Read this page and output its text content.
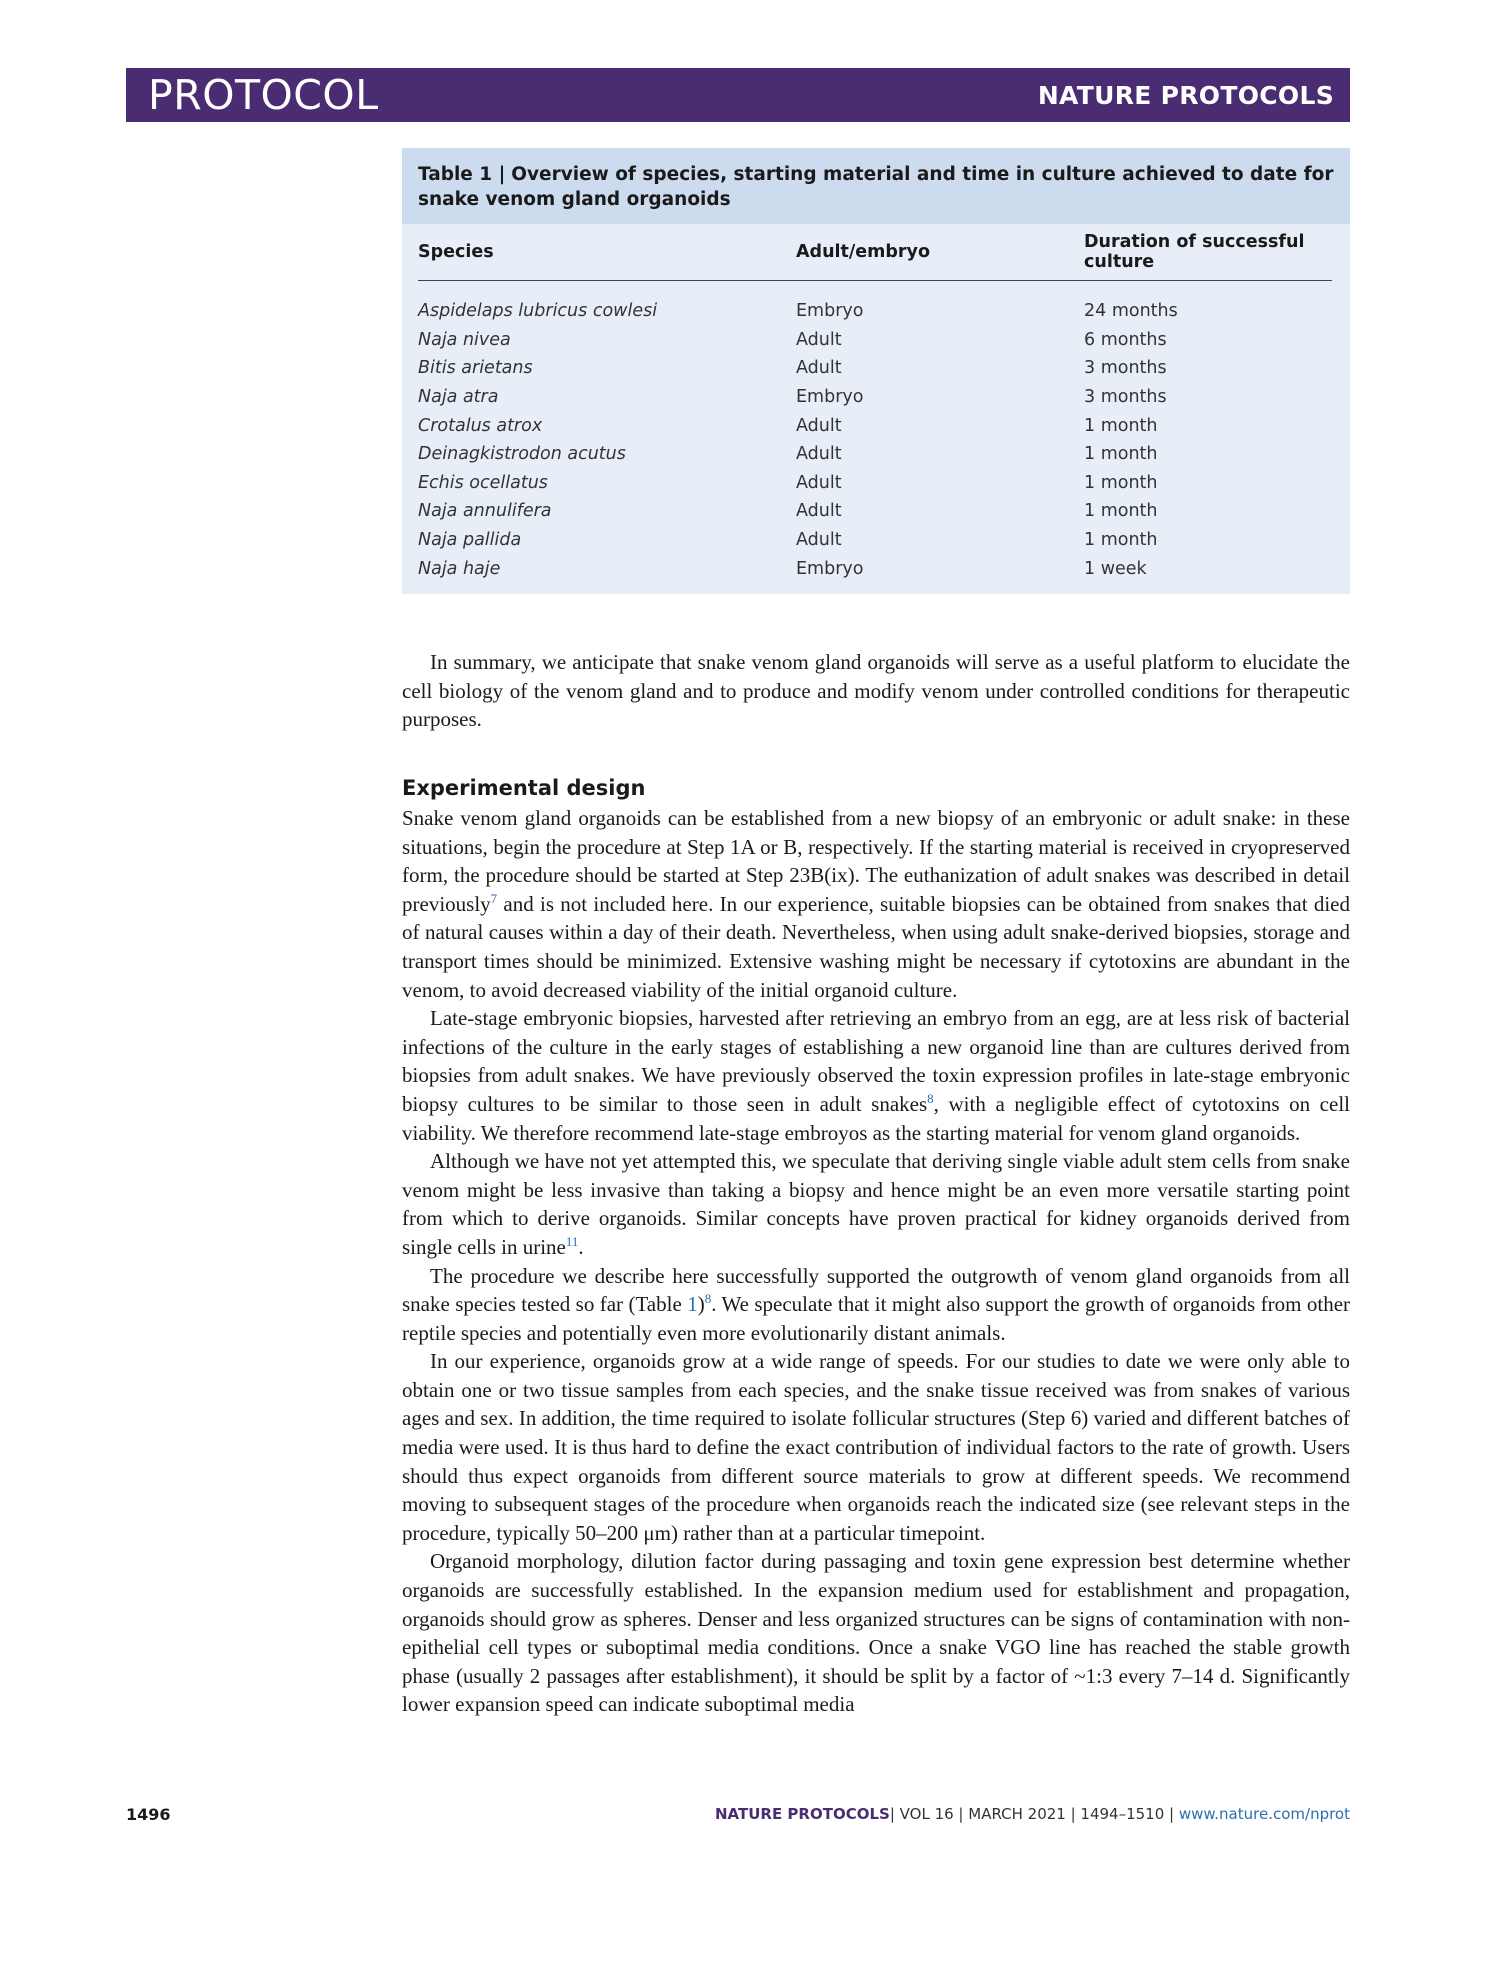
PROTOCOL	NATURE PROTOCOLS
Table 1 | Overview of species, starting material and time in culture achieved to date for snake venom gland organoids
Species	Adult/embryo	Duration of successful culture
Aspidelaps lubricus cowlesi	Embryo	24 months
Naja nivea	Adult	6 months
Bitis arietans	Adult	3 months
Naja atra	Embryo	3 months
Crotalus atrox	Adult	1 month
Deinagkistrodon acutus	Adult	1 month
Echis ocellatus	Adult	1 month
Naja annulifera	Adult	1 month
Naja pallida	Adult	1 month
Naja haje	Embryo	1 week

In summary, we anticipate that snake venom gland organoids will serve as a useful platform to elucidate the cell biology of the venom gland and to produce and modify venom under controlled conditions for therapeutic purposes.

Experimental design

Snake venom gland organoids can be established from a new biopsy of an embryonic or adult snake: in these situations, begin the procedure at Step 1A or B, respectively. If the starting material is received in cryopreserved form, the procedure should be started at Step 23B(ix). The euthanization of adult snakes was described in detail previously$^7$ and is not included here. In our experience, suitable biopsies can be obtained from snakes that died of natural causes within a day of their death. Nevertheless, when using adult snake-derived biopsies, storage and transport times should be minimized. Extensive washing might be necessary if cytotoxins are abundant in the venom, to avoid decreased viability of the initial organoid culture.

Late-stage embryonic biopsies, harvested after retrieving an embryo from an egg, are at less risk of bacterial infections of the culture in the early stages of establishing a new organoid line than are cultures derived from biopsies from adult snakes. We have previously observed the toxin expression profiles in late-stage embryonic biopsy cultures to be similar to those seen in adult snakes$^8$, with a negligible effect of cytotoxins on cell viability. We therefore recommend late-stage embroyos as the starting material for venom gland organoids.

Although we have not yet attempted this, we speculate that deriving single viable adult stem cells from snake venom might be less invasive than taking a biopsy and hence might be an even more versatile starting point from which to derive organoids. Similar concepts have proven practical for kidney organoids derived from single cells in urine$^{11}$.

The procedure we describe here successfully supported the outgrowth of venom gland organoids from all snake species tested so far (Table 1)$^8$. We speculate that it might also support the growth of organoids from other reptile species and potentially even more evolutionarily distant animals.

In our experience, organoids grow at a wide range of speeds. For our studies to date we were only able to obtain one or two tissue samples from each species, and the snake tissue received was from snakes of various ages and sex. In addition, the time required to isolate follicular structures (Step 6) varied and different batches of media were used. It is thus hard to define the exact contribution of individual factors to the rate of growth. Users should thus expect organoids from different source materials to grow at different speeds. We recommend moving to subsequent stages of the procedure when organoids reach the indicated size (see relevant steps in the procedure, typically 50–200 μm) rather than at a particular timepoint.

Organoid morphology, dilution factor during passaging and toxin gene expression best determine whether organoids are successfully established. In the expansion medium used for establishment and propagation, organoids should grow as spheres. Denser and less organized structures can be signs of contamination with non-epithelial cell types or suboptimal media conditions. Once a snake VGO line has reached the stable growth phase (usually 2 passages after establishment), it should be split by a factor of ~1:3 every 7–14 d. Significantly lower expansion speed can indicate suboptimal media

1496	NATURE PROTOCOLS| VOL 16 | MARCH 2021 | 1494–1510 | www.nature.com/nprot
